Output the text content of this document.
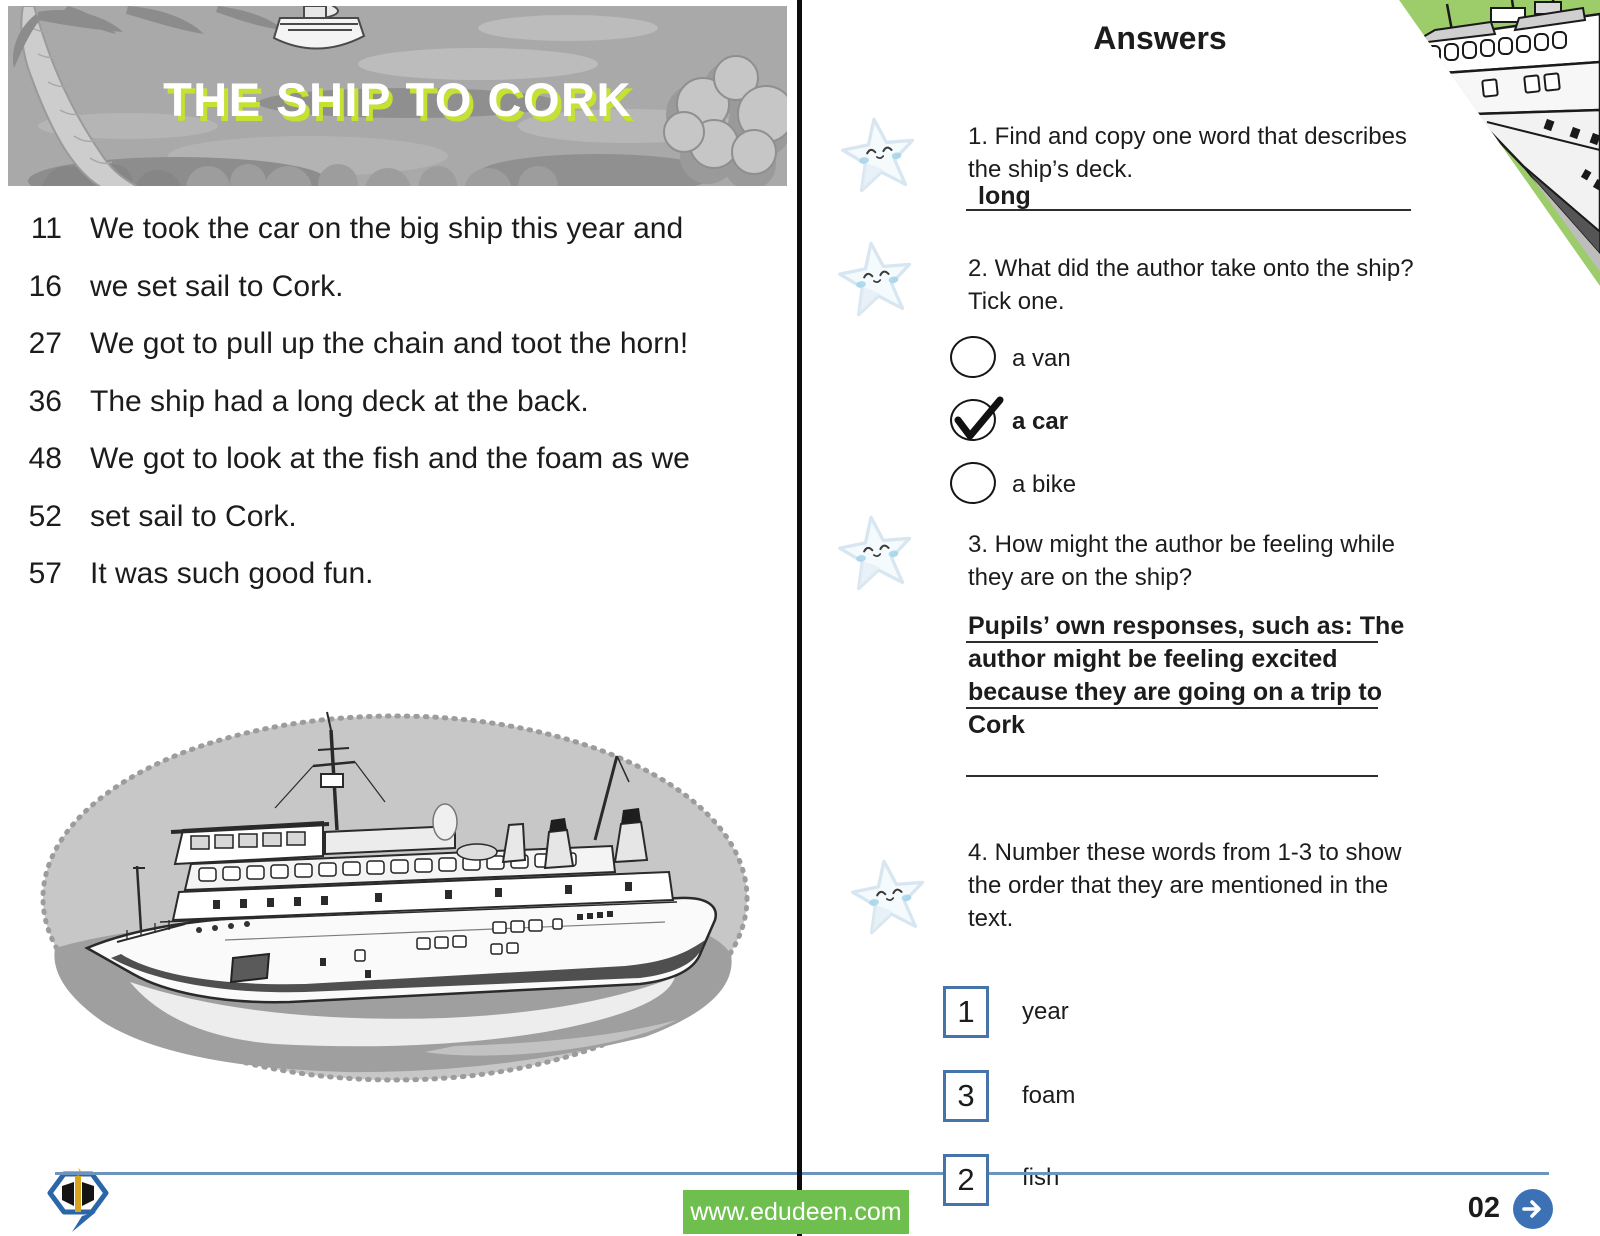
THE SHIP TO CORK
11 We took the car on the big ship this year and
16 we set sail to Cork.
27 We got to pull up the chain and toot the horn!
36 The ship had a long deck at the back.
48 We got to look at the fish and the foam as we
52 set sail to Cork.
57 It was such good fun.
Answers
1. Find and copy one word that describes
the ship’s deck.
long
2. What did the author take onto the ship?
Tick one.
a van
a car
a bike
3. How might the author be feeling while
they are on the ship?
Pupils’ own responses, such as: The
author might be feeling excited
because they are going on a trip to
Cork
4. Number these words from 1-3 to show
the order that they are mentioned in the
text.
1 year
3 foam
2 fish
www.edudeen.com	02
